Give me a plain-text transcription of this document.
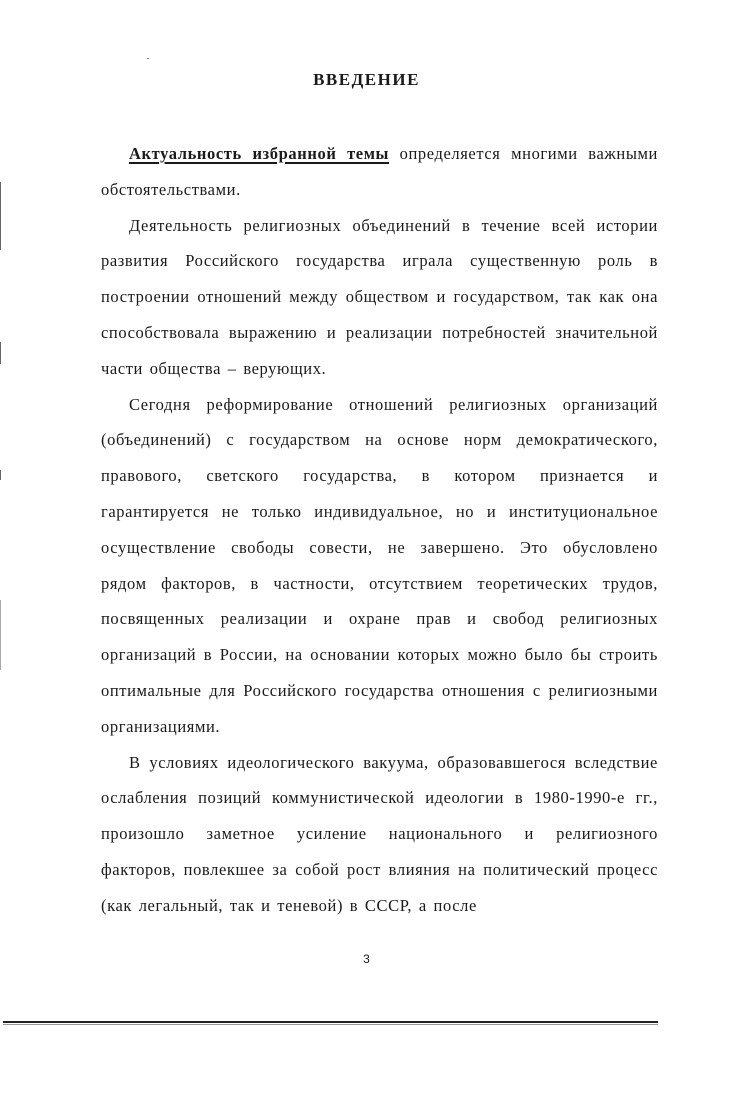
ВВЕДЕНИЕ

Актуальность избранной темы определяется многими важными обстоятельствами.

Деятельность религиозных объединений в течение всей истории развития Российского государства играла существенную роль в построении отношений между обществом и государством, так как она способствовала выражению и реализации потребностей значительной части общества – верующих.

Сегодня реформирование отношений религиозных организаций (объединений) с государством на основе норм демократического, правового, светского государства, в котором признается и гарантируется не только индивидуальное, но и институциональное осуществление свободы совести, не завершено. Это обусловлено рядом факторов, в частности, отсутствием теоретических трудов, посвященных реализации и охране прав и свобод религиозных организаций в России, на основании которых можно было бы строить оптимальные для Российского государства отношения с религиозными организациями.

В условиях идеологического вакуума, образовавшегося вследствие ослабления позиций коммунистической идеологии в 1980-1990-е гг., произошло заметное усиление национального и религиозного факторов, повлекшее за собой рост влияния на политический процесс (как легальный, так и теневой) в СССР, а после

3
